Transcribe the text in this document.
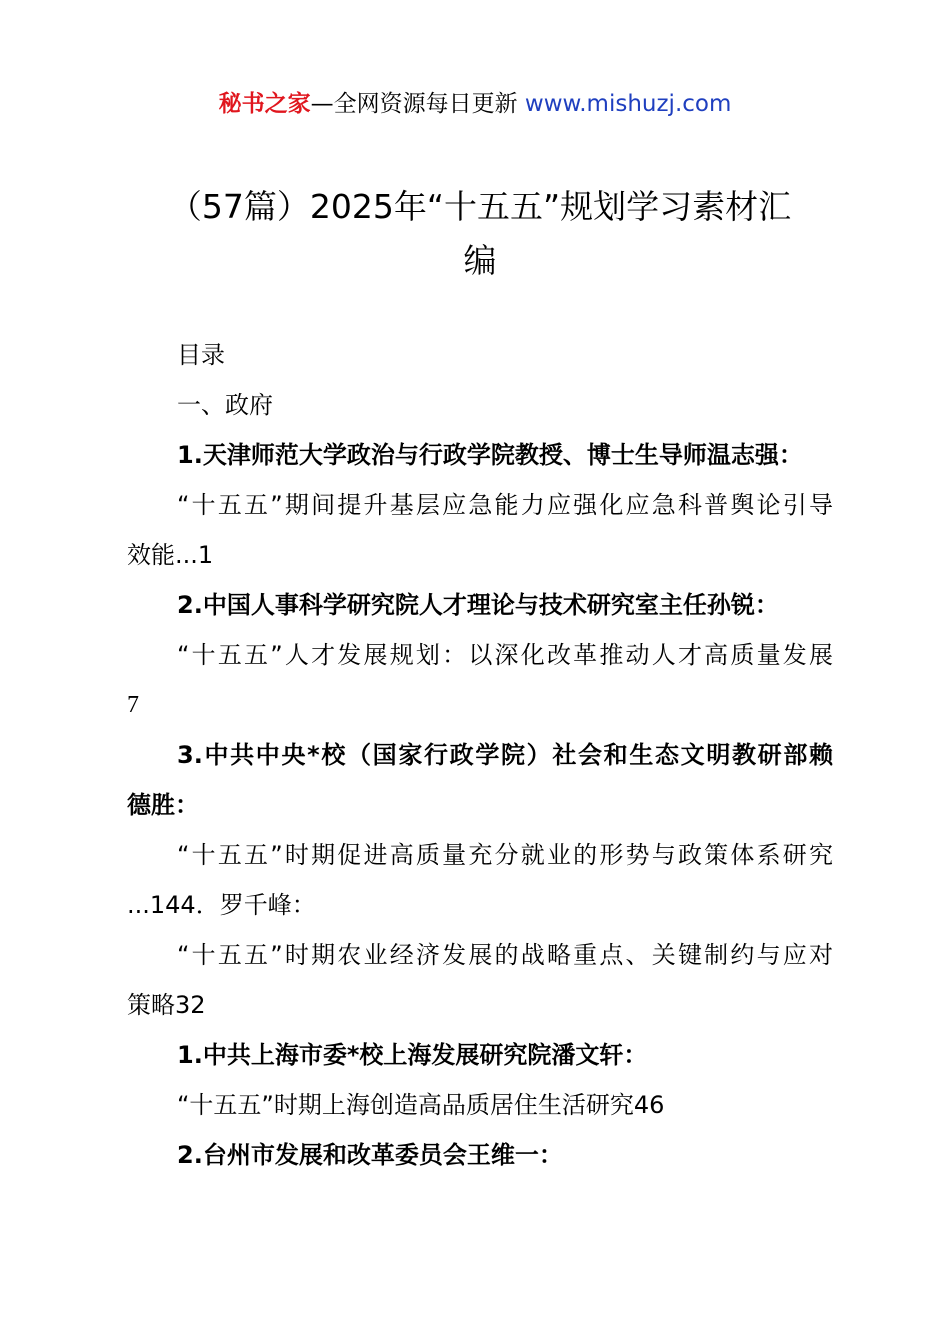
秘书之家—全网资源每日更新 www.mishuzj.com
（57篇）2025年“十五五”规划学习素材汇
编
目录
一、政府
1.天津师范大学政治与行政学院教授、博士生导师温志强：
“十五五”期间提升基层应急能力应强化应急科普舆论引导
效能...1
2.中国人事科学研究院人才理论与技术研究室主任孙锐：
“十五五”人才发展规划：以深化改革推动人才高质量发展
7
3.中共中央*校（国家行政学院）社会和生态文明教研部赖
德胜：
“十五五”时期促进高质量充分就业的形势与政策体系研究
...144．罗千峰：
“十五五”时期农业经济发展的战略重点、关键制约与应对
策略32
1.中共上海市委*校上海发展研究院潘文轩：
“十五五”时期上海创造高品质居住生活研究46
2.台州市发展和改革委员会王维一：
